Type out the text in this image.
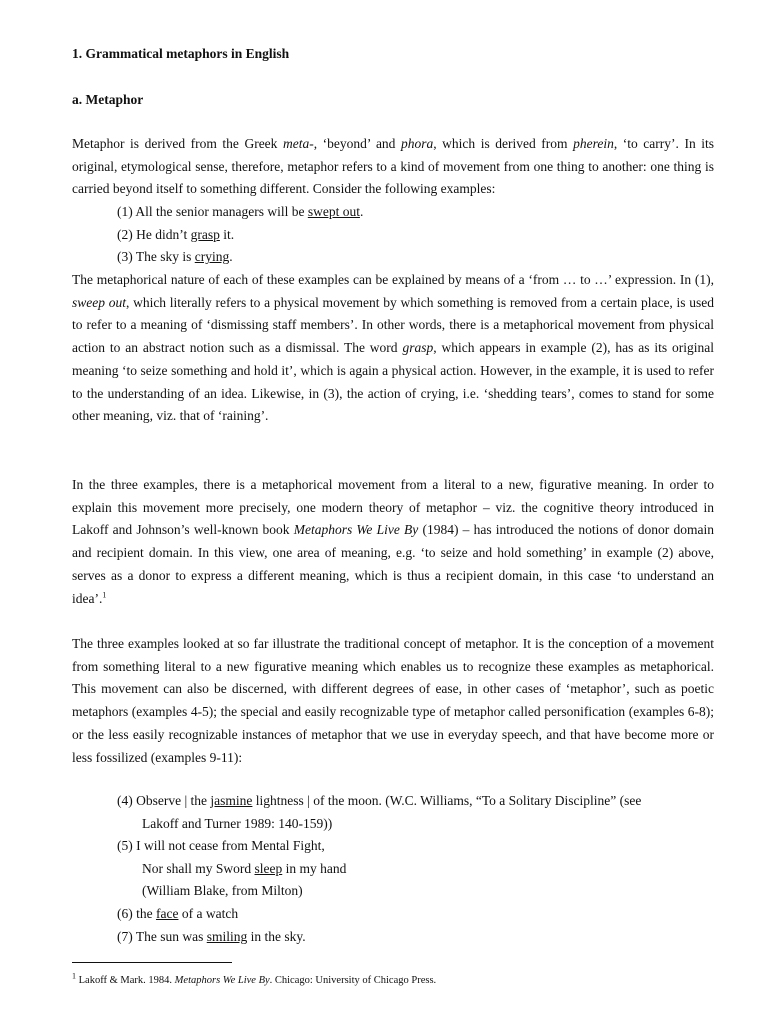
1. Grammatical metaphors in English

a. Metaphor

Metaphor is derived from the Greek meta-, ‘beyond’ and phora, which is derived from pherein, ‘to carry’. In its original, etymological sense, therefore, metaphor refers to a kind of movement from one thing to another: one thing is carried beyond itself to something different. Consider the following examples:

(1) All the senior managers will be swept out.

(2) He didn’t grasp it.

(3) The sky is crying.

The metaphorical nature of each of these examples can be explained by means of a ‘from … to …’ expression. In (1), sweep out, which literally refers to a physical movement by which something is removed from a certain place, is used to refer to a meaning of ‘dismissing staff members’. In other words, there is a metaphorical movement from physical action to an abstract notion such as a dismissal. The word grasp, which appears in example (2), has as its original meaning ‘to seize something and hold it’, which is again a physical action. However, in the example, it is used to refer to the understanding of an idea. Likewise, in (3), the action of crying, i.e. ‘shedding tears’, comes to stand for some other meaning, viz. that of ‘raining’.

In the three examples, there is a metaphorical movement from a literal to a new, figurative meaning. In order to explain this movement more precisely, one modern theory of metaphor – viz. the cognitive theory introduced in Lakoff and Johnson’s well-known book Metaphors We Live By (1984) – has introduced the notions of donor domain and recipient domain. In this view, one area of meaning, e.g. ‘to seize and hold something’ in example (2) above, serves as a donor to express a different meaning, which is thus a recipient domain, in this case ‘to understand an idea’.$^1$

The three examples looked at so far illustrate the traditional concept of metaphor. It is the conception of a movement from something literal to a new figurative meaning which enables us to recognize these examples as metaphorical. This movement can also be discerned, with different degrees of ease, in other cases of ‘metaphor’, such as poetic metaphors (examples 4-5); the special and easily recognizable type of metaphor called personification (examples 6-8); or the less easily recognizable instances of metaphor that we use in everyday speech, and that have become more or less fossilized (examples 9-11):

(4) Observe | the jasmine lightness | of the moon. (W.C. Williams, “To a Solitary Discipline” (see

Lakoff and Turner 1989: 140-159))

(5) I will not cease from Mental Fight,

Nor shall my Sword sleep in my hand

(William Blake, from Milton)

(6) the face of a watch

(7) The sun was smiling in the sky.

$^1$ Lakoff & Mark. 1984. Metaphors We Live By. Chicago: University of Chicago Press.
